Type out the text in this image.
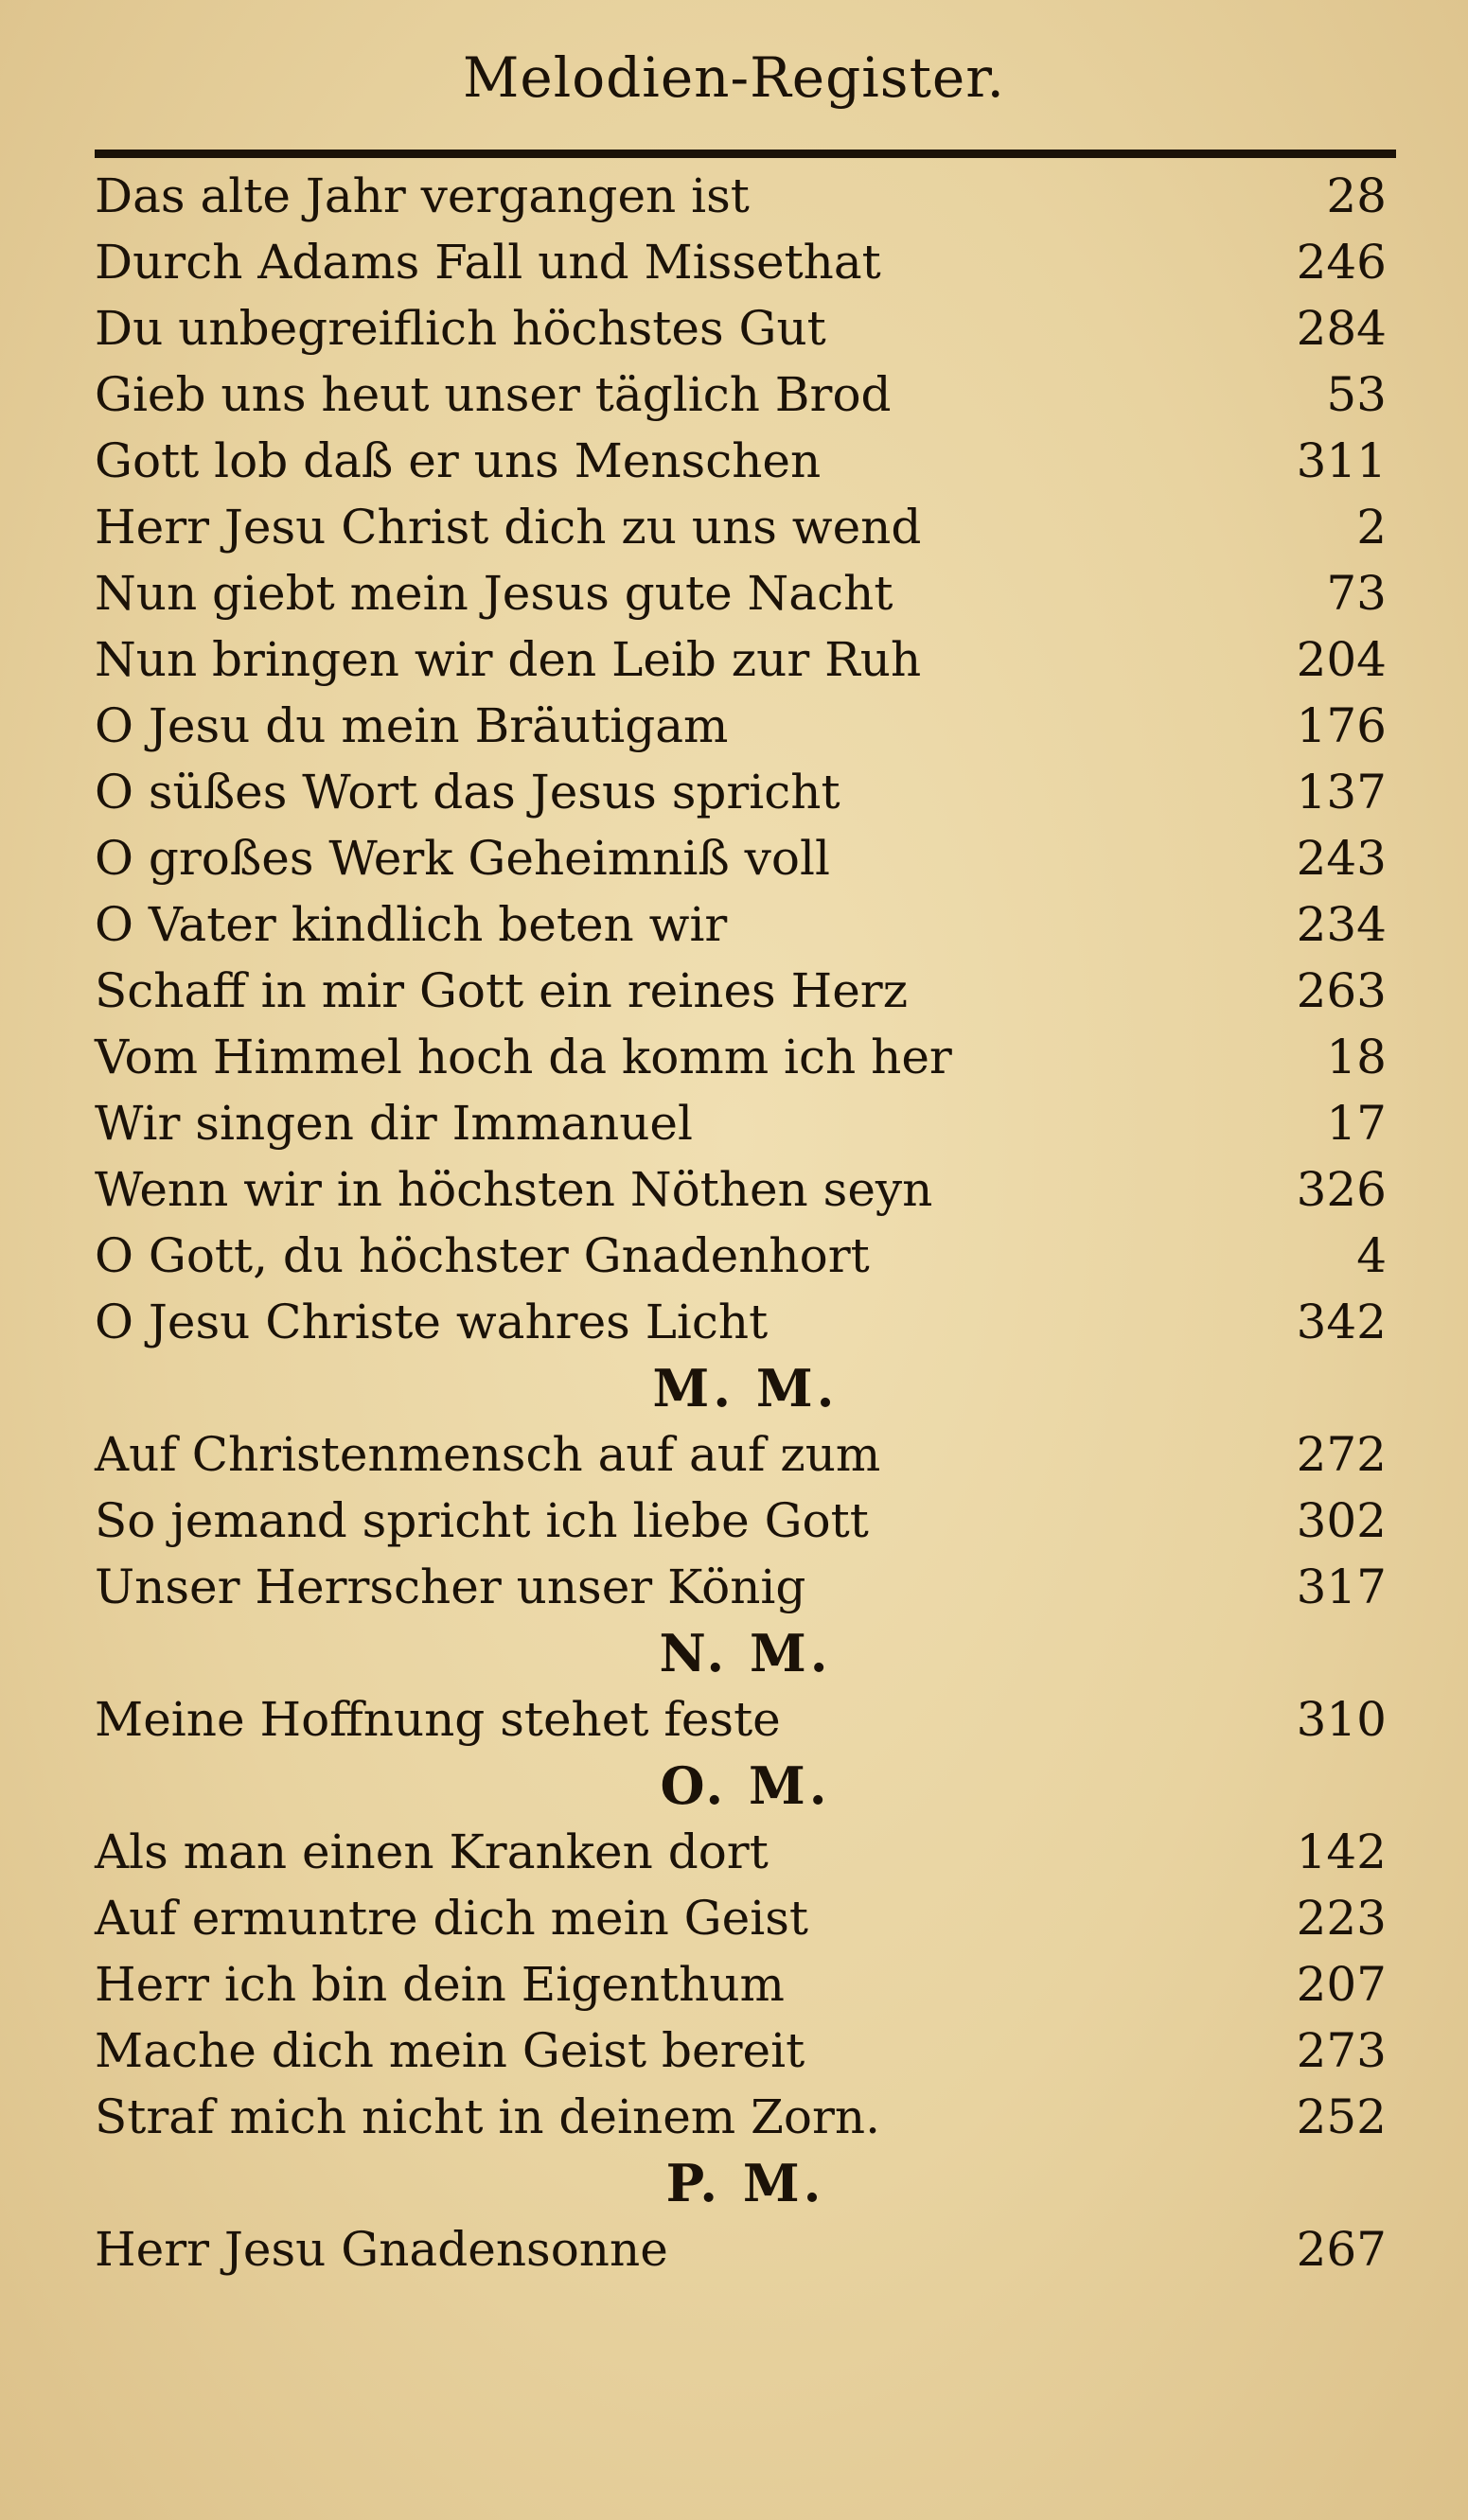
Melodien-Register.
Das alte Jahr vergangen ist	28
Durch Adams Fall und Missethat	246
Du unbegreiflich höchstes Gut	284
Gieb uns heut unser täglich Brod	53
Gott lob daß er uns Menschen	311
Herr Jesu Christ dich zu uns wend	2
Nun giebt mein Jesus gute Nacht	73
Nun bringen wir den Leib zur Ruh	204
O Jesu du mein Bräutigam	176
O süßes Wort das Jesus spricht	137
O großes Werk Geheimniß voll	243
O Vater kindlich beten wir	234
Schaff in mir Gott ein reines Herz	263
Vom Himmel hoch da komm ich her	18
Wir singen dir Immanuel	17
Wenn wir in höchsten Nöthen seyn	326
O Gott, du höchster Gnadenhort	4
O Jesu Christe wahres Licht	342
M. M.
Auf Christenmensch auf auf zum	272
So jemand spricht ich liebe Gott	302
Unser Herrscher unser König	317
N. M.
Meine Hoffnung stehet feste	310
O. M.
Als man einen Kranken dort	142
Auf ermuntre dich mein Geist	223
Herr ich bin dein Eigenthum	207
Mache dich mein Geist bereit	273
Straf mich nicht in deinem Zorn.	252
P. M.
Herr Jesu Gnadensonne	267
